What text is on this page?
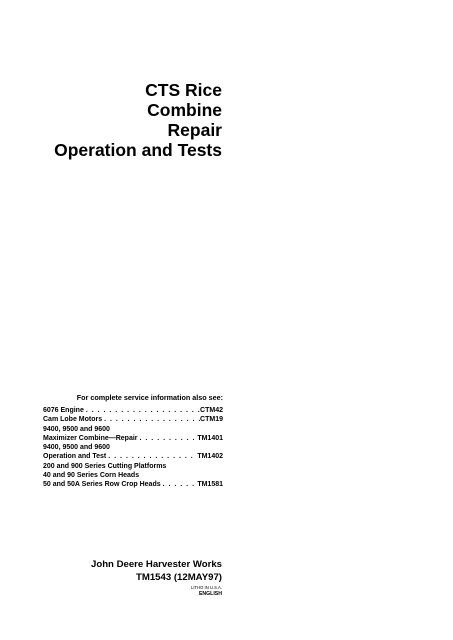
CTS Rice
Combine
Repair
Operation and Tests
For complete service information also see:
6076 Engine . . .	CTM42
Cam Lobe Motors . . .	CTM19
9400, 9500 and 9600
Maximizer Combine—Repair . . .	TM1401
9400, 9500 and 9600
Operation and Test . . .	TM1402
200 and 900 Series Cutting Platforms
40 and 90 Series Corn Heads
50 and 50A Series Row Crop Heads . . .	TM1581
John Deere Harvester Works
TM1543 (12MAY97)
LITHO IN U.S.A.
ENGLISH
